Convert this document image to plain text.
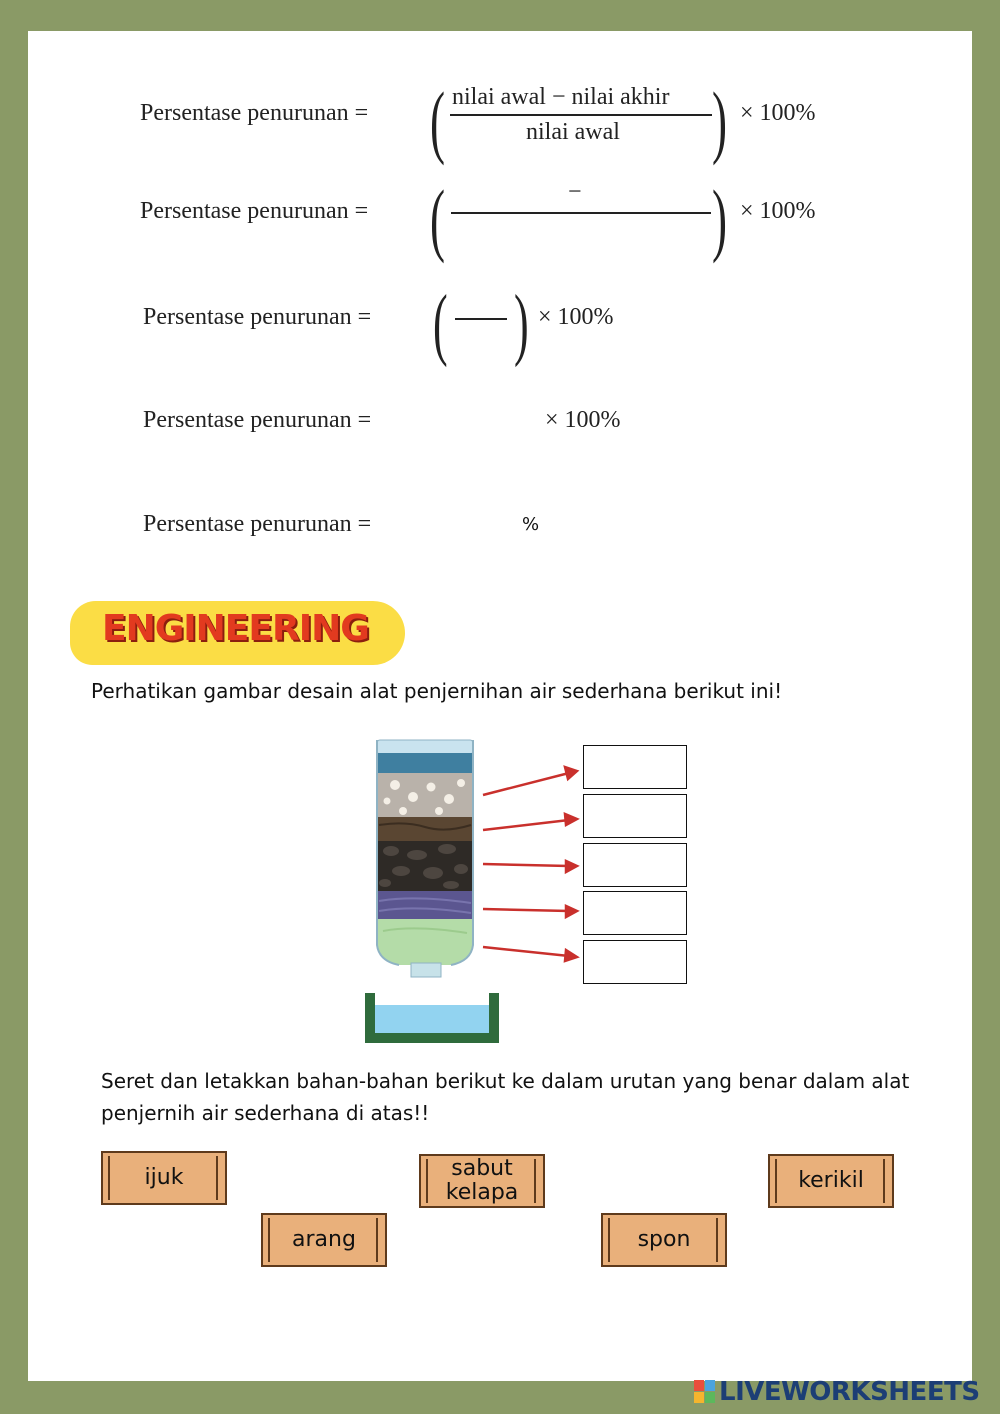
Persentase penurunan = ( nilai awal − nilai akhir
nilai awal ) × 100%
Persentase penurunan = (	− ) × 100%
Persentase penurunan = ( ) × 100%
Persentase penurunan =	× 100%
Persentase penurunan =	%
ENGINEERING
Perhatikan gambar desain alat penjernihan air sederhana berikut ini!
Seret dan letakkan bahan-bahan berikut ke dalam urutan yang benar dalam alat
penjernih air sederhana di atas!!
ijuk
arang
sabut
kelapa
spon
kerikil
LIVEWORKSHEETS
